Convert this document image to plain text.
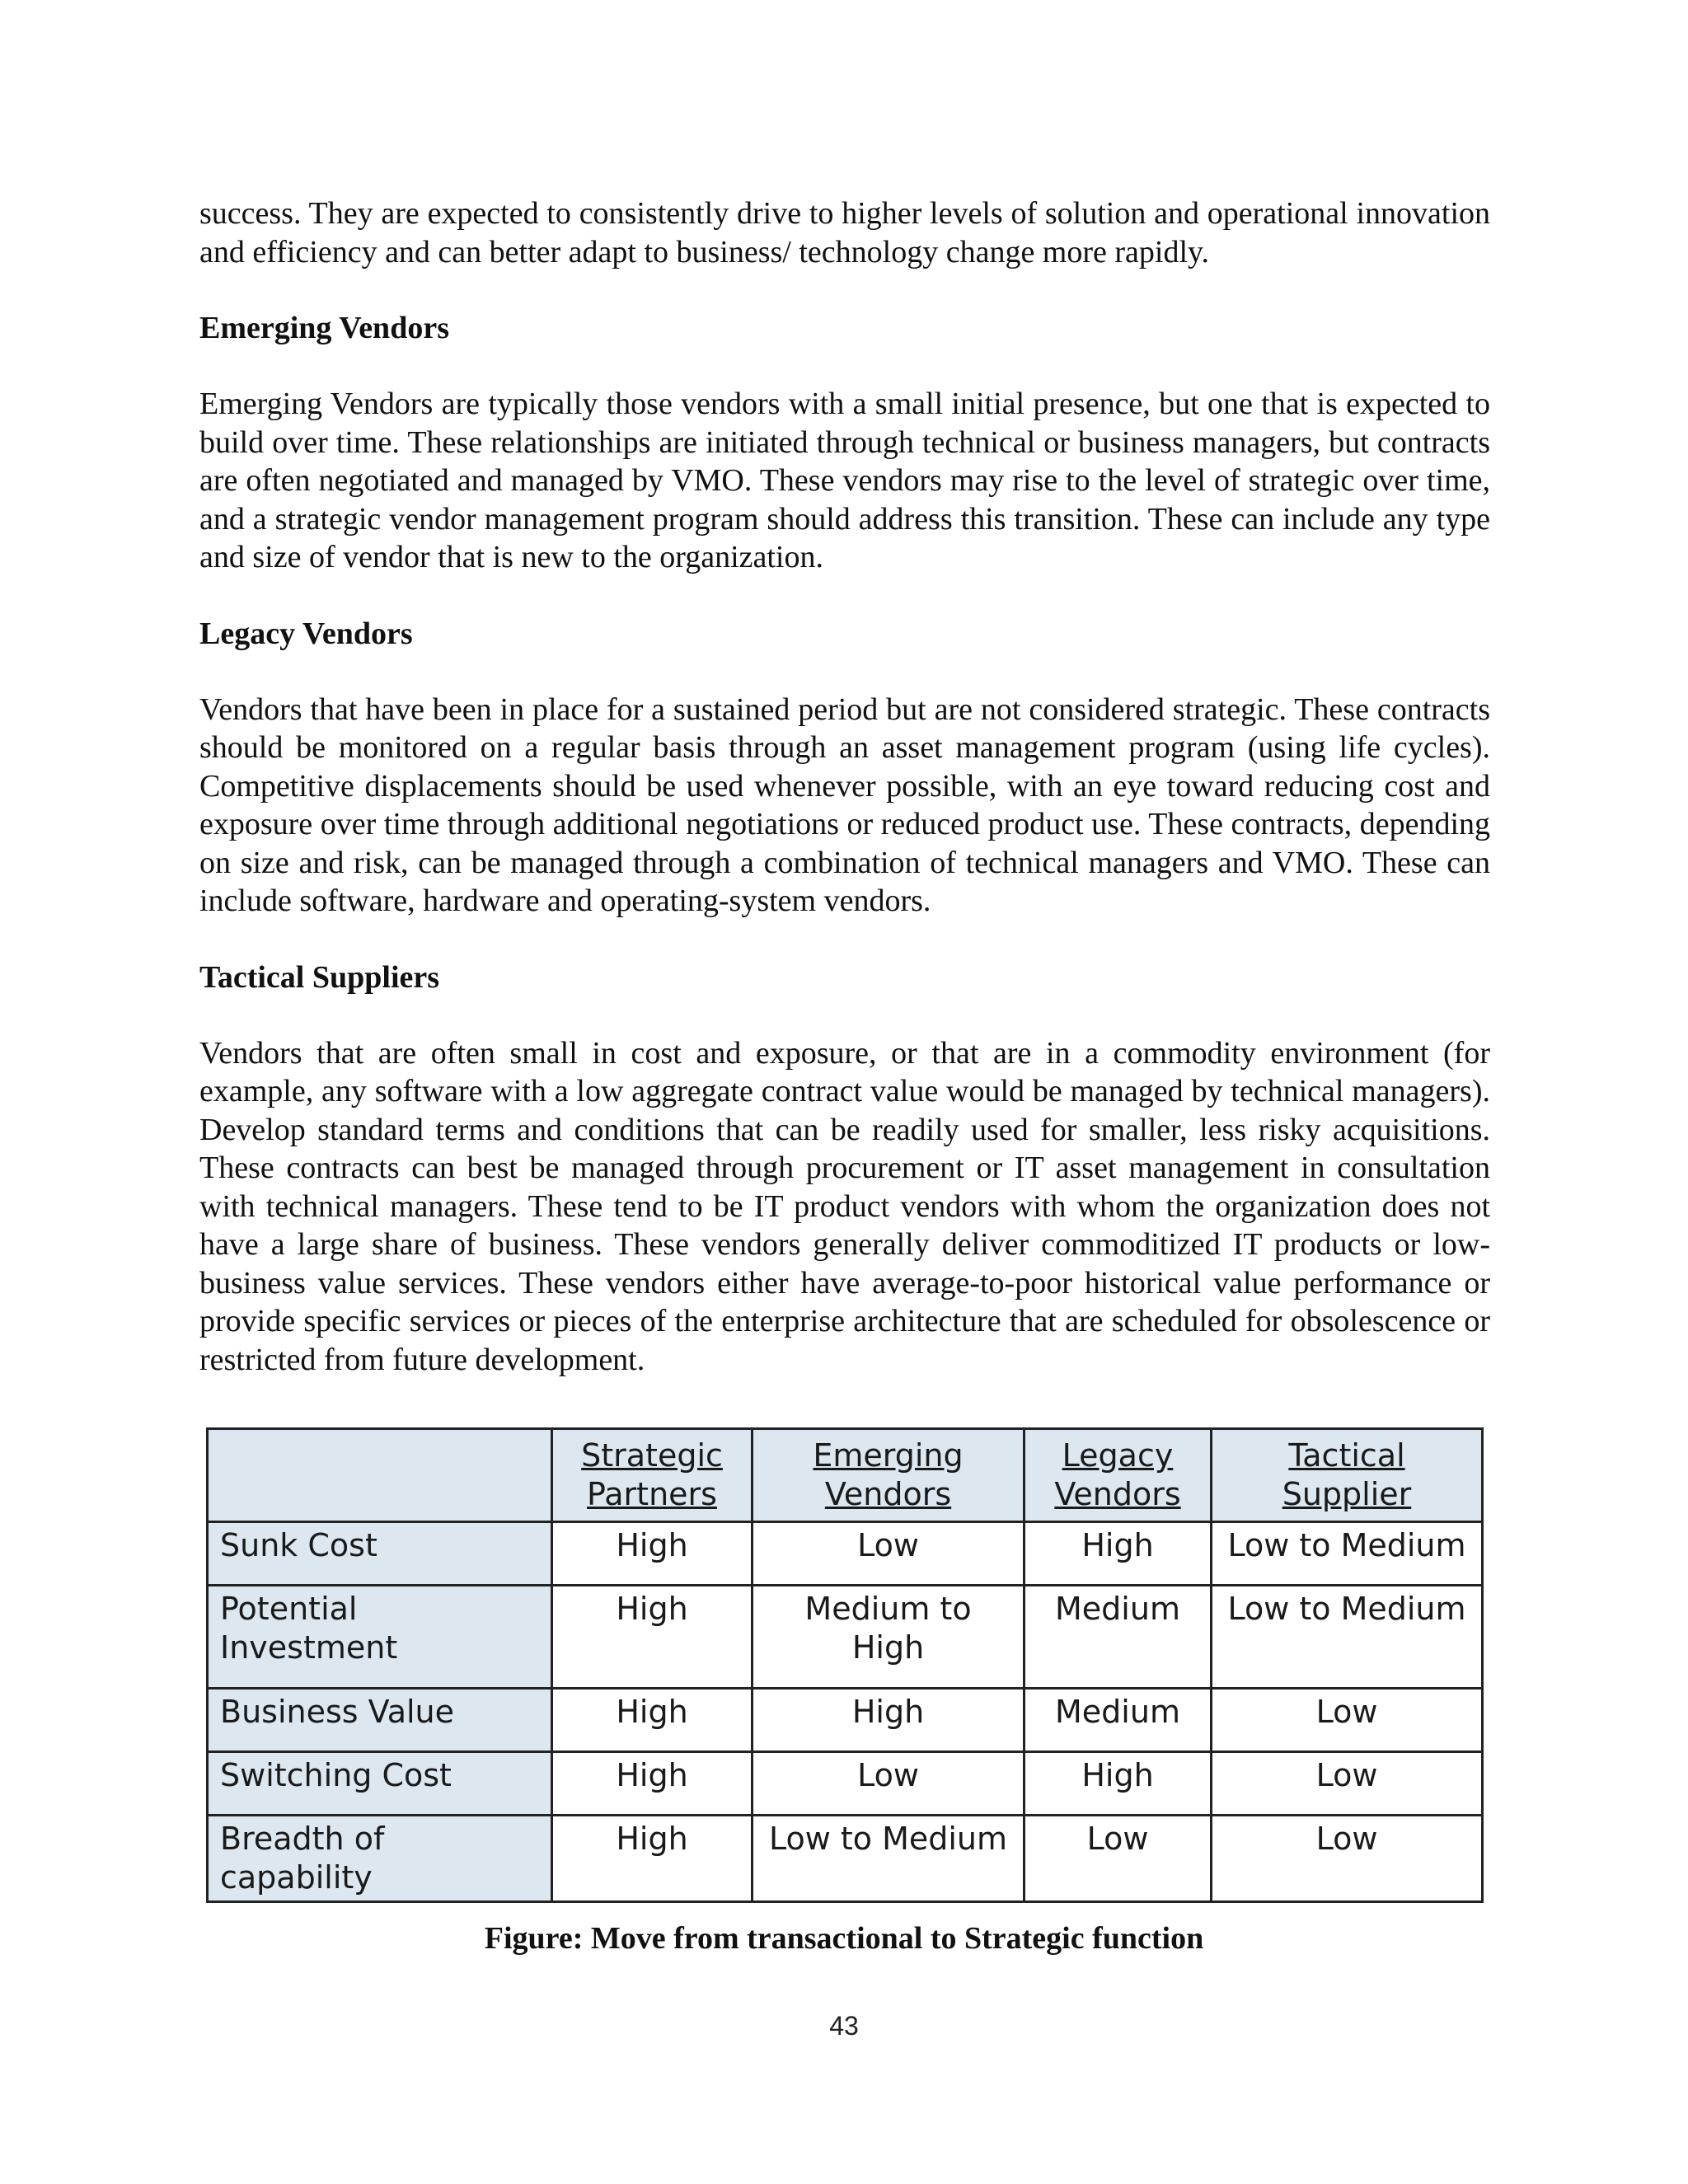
success. They are expected to consistently drive to higher levels of solution and operational innovation and efficiency and can better adapt to business/ technology change more rapidly.

Emerging Vendors

Emerging Vendors are typically those vendors with a small initial presence, but one that is expected to build over time. These relationships are initiated through technical or business managers, but contracts are often negotiated and managed by VMO. These vendors may rise to the level of strategic over time, and a strategic vendor management program should address this transition. These can include any type and size of vendor that is new to the organization.

Legacy Vendors

Vendors that have been in place for a sustained period but are not considered strategic. These contracts should be monitored on a regular basis through an asset management program (using life cycles). Competitive displacements should be used whenever possible, with an eye toward reducing cost and exposure over time through additional negotiations or reduced product use. These contracts, depending on size and risk, can be managed through a combination of technical managers and VMO. These can include software, hardware and operating-system vendors.

Tactical Suppliers

Vendors that are often small in cost and exposure, or that are in a commodity environment (for example, any software with a low aggregate contract value would be managed by technical managers). Develop standard terms and conditions that can be readily used for smaller, less risky acquisitions. These contracts can best be managed through procurement or IT asset management in consultation with technical managers. These tend to be IT product vendors with whom the organization does not have a large share of business. These vendors generally deliver commoditized IT products or low-business value services. These vendors either have average-to-poor historical value performance or provide specific services or pieces of the enterprise architecture that are scheduled for obsolescence or restricted from future development.

	Strategic Partners	Emerging Vendors	Legacy Vendors	Tactical Supplier
Sunk Cost	High	Low	High	Low to Medium
Potential Investment	High	Medium to High	Medium	Low to Medium
Business Value	High	High	Medium	Low
Switching Cost	High	Low	High	Low
Breadth of capability	High	Low to Medium	Low	Low
Figure: Move from transactional to Strategic function
43
